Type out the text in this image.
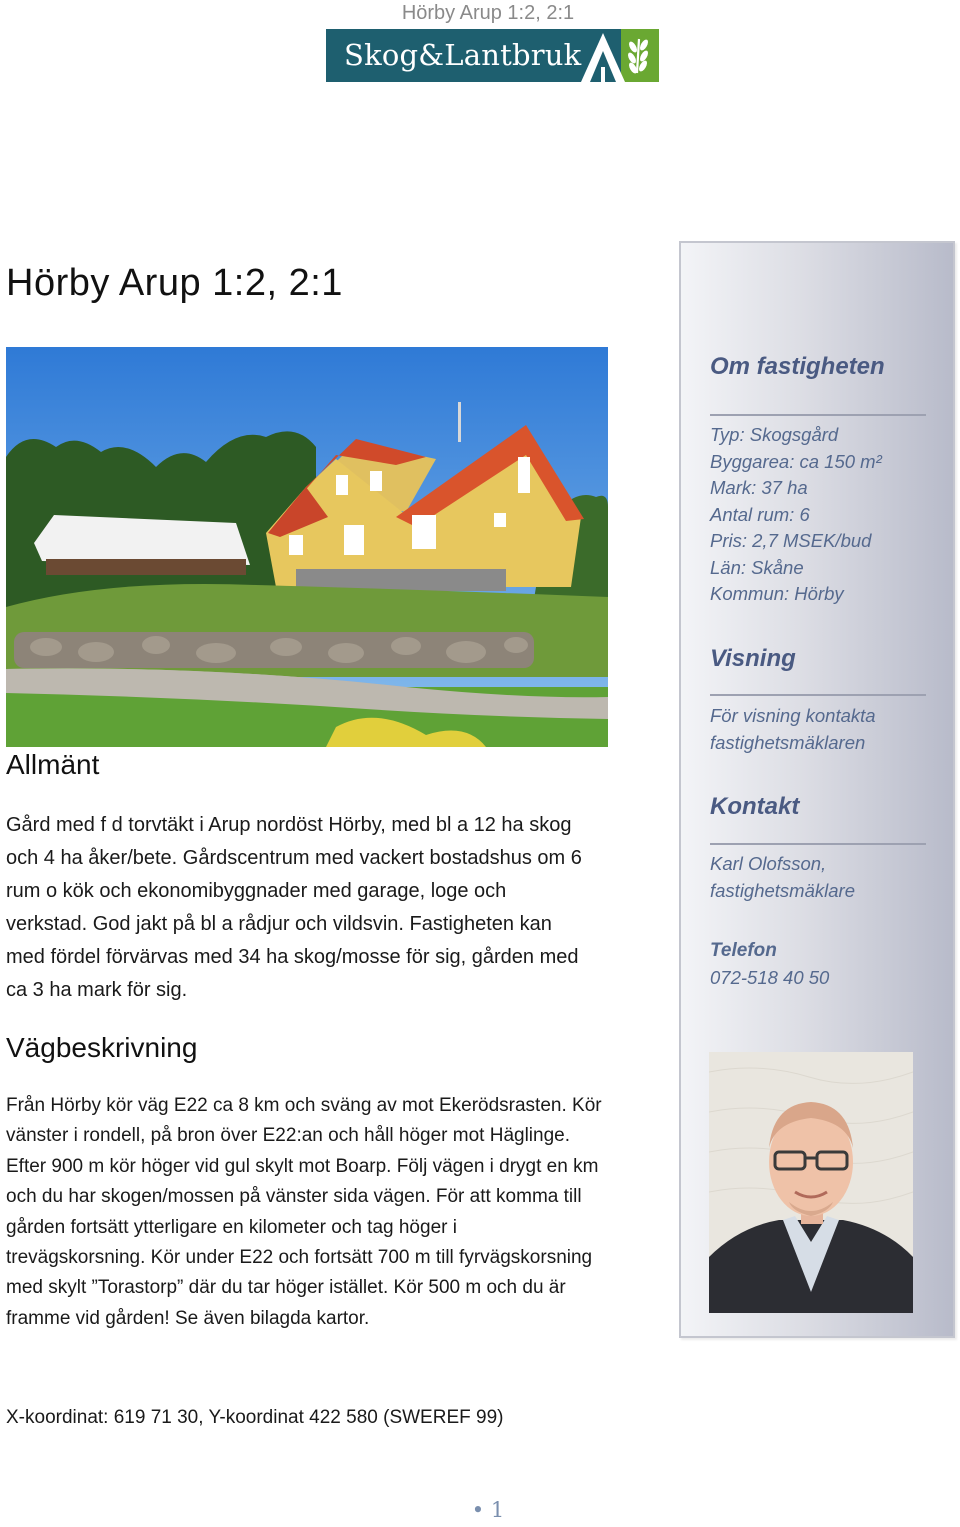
Hörby Arup 1:2, 2:1
Skog&Lantbruk
Hörby Arup 1:2, 2:1
Allmänt
Gård med f d torvtäkt i Arup nordöst Hörby, med bl a 12 ha skog
och 4 ha åker/bete. Gårdscentrum med vackert bostadshus om 6
rum o kök och ekonomibyggnader med garage, loge och
verkstad. God jakt på bl a rådjur och vildsvin. Fastigheten kan
med fördel förvärvas med 34 ha skog/mosse för sig, gården med
ca 3 ha mark för sig.
Vägbeskrivning
Från Hörby kör väg E22 ca 8 km och sväng av mot Ekerödsrasten. Kör
vänster i rondell, på bron över E22:an och håll höger mot Häglinge.
Efter 900 m kör höger vid gul skylt mot Boarp. Följ vägen i drygt en km
och du har skogen/mossen på vänster sida vägen. För att komma till
gården fortsätt ytterligare en kilometer och tag höger i
trevägskorsning. Kör under E22 och fortsätt 700 m till fyrvägskorsning
med skylt ”Torastorp” där du tar höger istället. Kör 500 m och du är
framme vid gården! Se även bilagda kartor.
Om fastigheten
Typ: Skogsgård
Byggarea: ca 150 m²
Mark: 37 ha
Antal rum: 6
Pris: 2,7 MSEK/bud
Län: Skåne
Kommun: Hörby
Visning
För visning kontakta
fastighetsmäklaren
Kontakt
Karl Olofsson,
fastighetsmäklare
Telefon
072-518 40 50
X-koordinat: 619 71 30, Y-koordinat 422 580 (SWEREF 99)
• 1
